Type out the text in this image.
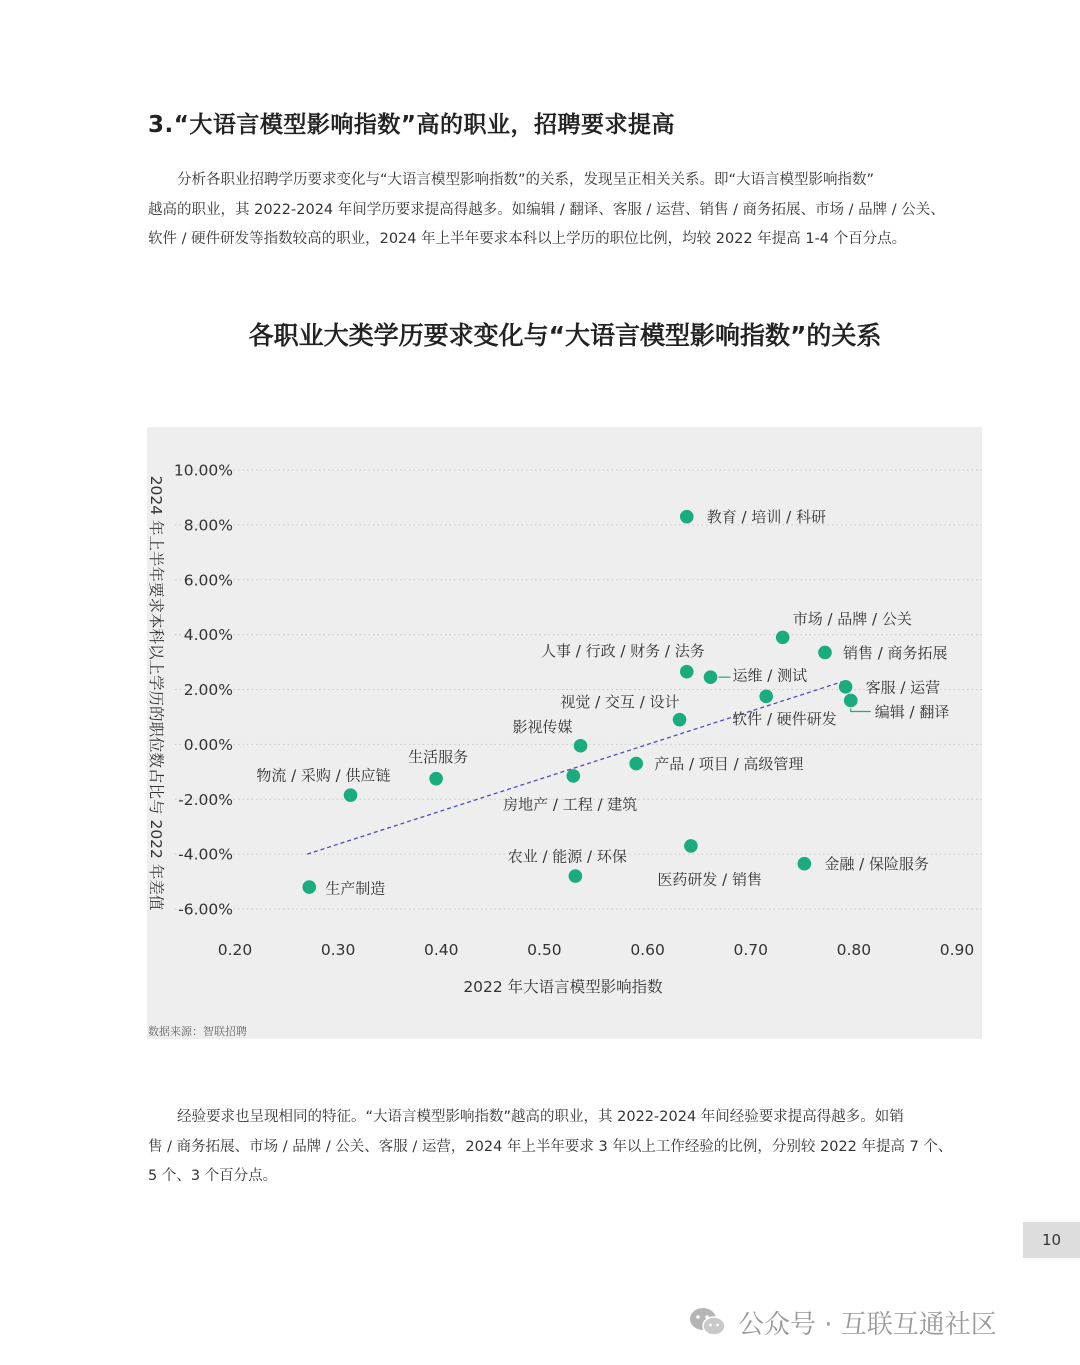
3.“大语言模型影响指数”高的职业，招聘要求提高

分析各职业招聘学历要求变化与“大语言模型影响指数”的关系，发现呈正相关关系。即“大语言模型影响指数”

越高的职业，其 2022-2024 年间学历要求提高得越多。如编辑 / 翻译、客服 / 运营、销售 / 商务拓展、市场 / 品牌 / 公关、

软件 / 硬件研发等指数较高的职业，2024 年上半年要求本科以上学历的职位比例，均较 2022 年提高 1-4 个百分点。

各职业大类学历要求变化与“大语言模型影响指数”的关系
10.00%
8.00%
6.00%
4.00%
2.00%
0.00%
-2.00%
-4.00%
-6.00%
0.20	0.30	0.40	0.50	0.60	0.70	0.80	0.90
教育 / 培训 / 科研
市场 / 品牌 / 公关
销售 / 商务拓展
人事 / 行政 / 财务 / 法务
运维 / 测试
客服 / 运营
软件 / 硬件研发	编辑 / 翻译
视觉 / 交互 / 设计
影视传媒
产品 / 项目 / 高级管理
房地产 / 工程 / 建筑
生活服务
物流 / 采购 / 供应链
农业 / 能源 / 环保	金融 / 保险服务
医药研发 / 销售
生产制造
2022 年大语言模型影响指数
2024 年上半年要求本科以上学历的职位数占比与 2022 年差值
数据来源：智联招聘

经验要求也呈现相同的特征。“大语言模型影响指数”越高的职业，其 2022-2024 年间经验要求提高得越多。如销

售 / 商务拓展、市场 / 品牌 / 公关、客服 / 运营，2024 年上半年要求 3 年以上工作经验的比例，分别较 2022 年提高 7 个、

5 个、3 个百分点。

10
公众号 · 互联互通社区
